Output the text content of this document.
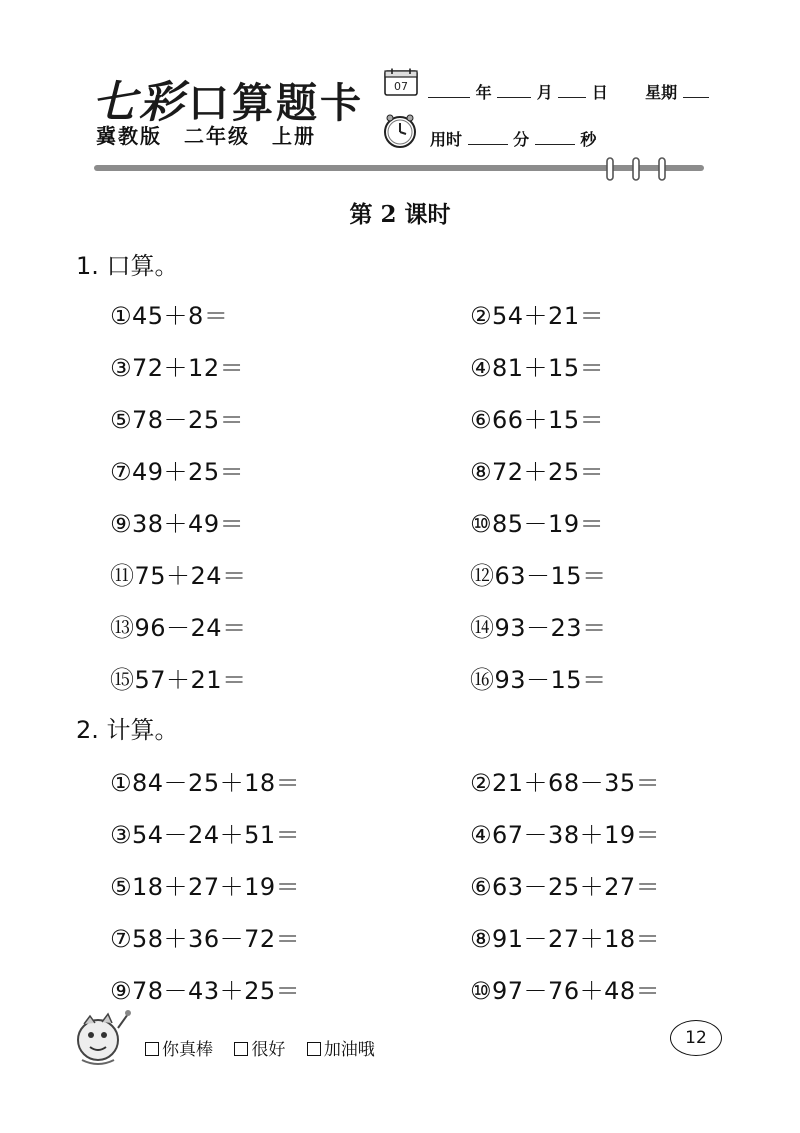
七彩口算题卡
冀教版 二年级 上册
07	年	月 日 星期
用时	分	秒
第 2 课时
1. 口算。
①45＋8＝	②54＋21＝
③72＋12＝	④81＋15＝
⑤78－25＝	⑥66＋15＝
⑦49＋25＝	⑧72＋25＝
⑨38＋49＝	⑩85－19＝
⑪75＋24＝	⑫63－15＝
⑬96－24＝	⑭93－23＝
⑮57＋21＝	⑯93－15＝
2. 计算。
①84－25＋18＝	②21＋68－35＝
③54－24＋51＝	④67－38＋19＝
⑤18＋27＋19＝	⑥63－25＋27＝
⑦58＋36－72＝	⑧91－27＋18＝
⑨78－43＋25＝	⑩97－76＋48＝
你真棒 很好 加油哦
12
